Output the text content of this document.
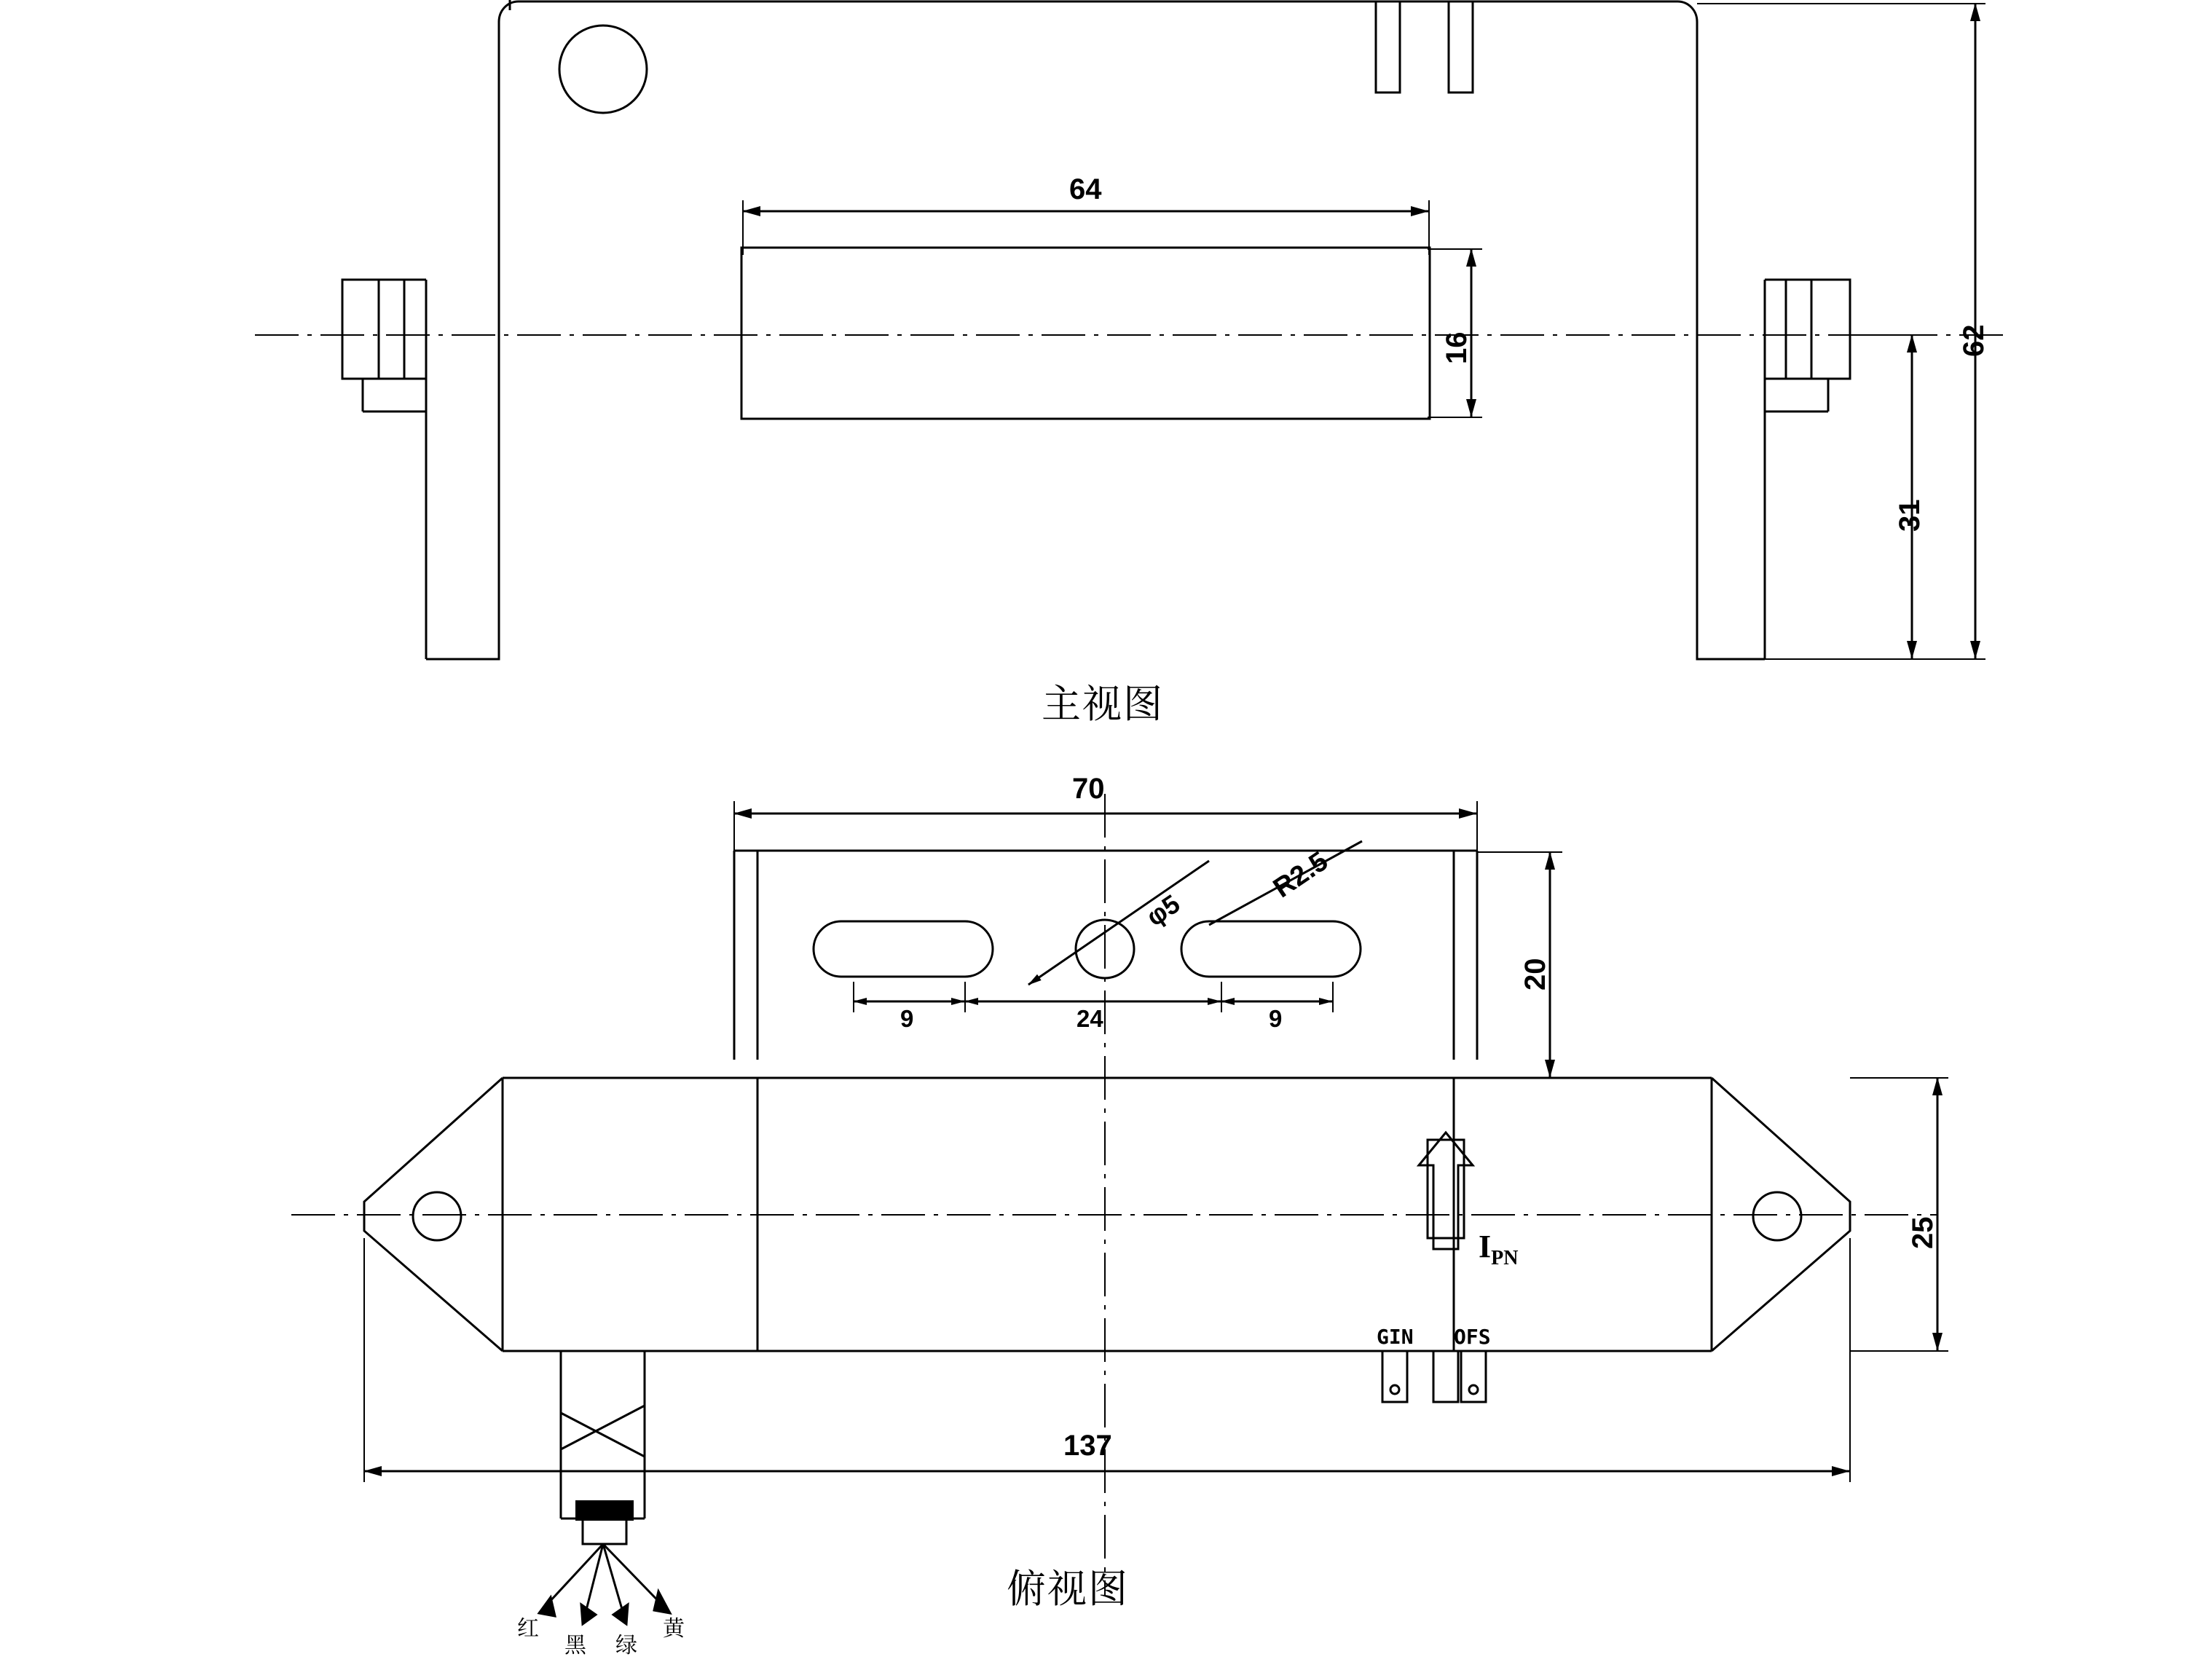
64
16	62
31
主视图
70
20
25
137
9	9
24
φ5
R2.5
$I_{PN}$
GIN OFS
俯视图
红
黑 绿
黄
